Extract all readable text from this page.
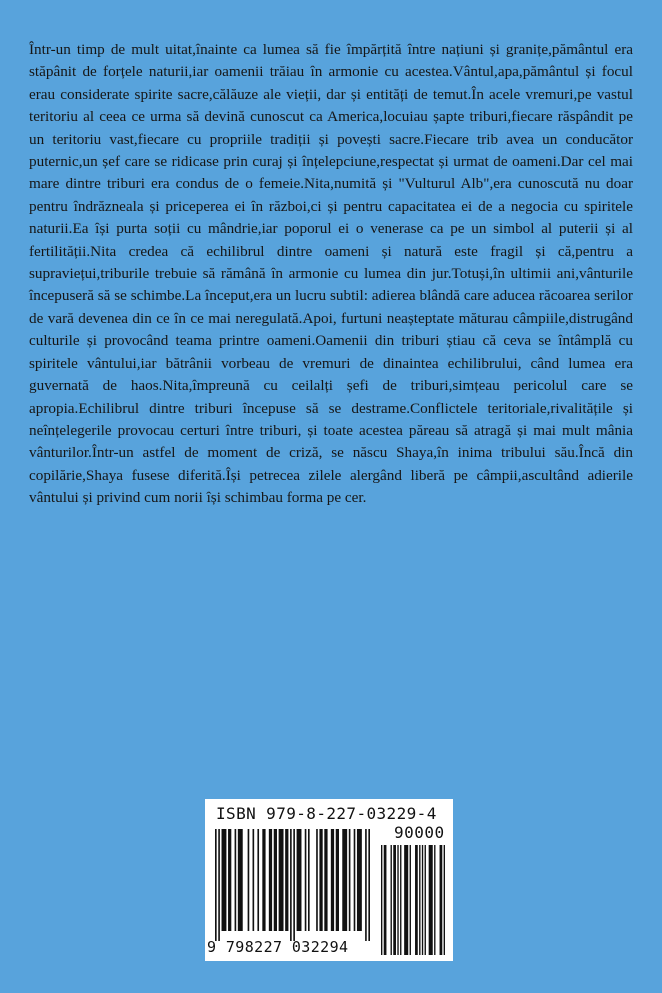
Într-un timp de mult uitat,înainte ca lumea să fie împărțită între națiuni și granițe,pământul era stăpânit de forțele naturii,iar oamenii trăiau în armonie cu acestea.Vântul,apa,pământul și focul erau considerate spirite sacre,călăuze ale vieții, dar și entități de temut.În acele vremuri,pe vastul teritoriu al ceea ce urma să devină cunoscut ca America,locuiau șapte triburi,fiecare răspândit pe un teritoriu vast,fiecare cu propriile tradiții și povești sacre.Fiecare trib avea un conducător puternic,un șef care se ridicase prin curaj și înțelepciune,respectat și urmat de oameni.Dar cel mai mare dintre triburi era condus de o femeie.Nita,numită și "Vulturul Alb",era cunoscută nu doar pentru îndrăzneala și priceperea ei în război,ci și pentru capacitatea ei de a negocia cu spiritele naturii.Ea își purta soții cu mândrie,iar poporul ei o venerase ca pe un simbol al puterii și al fertilității.Nita credea că echilibrul dintre oameni și natură este fragil și că,pentru a supraviețui,triburile trebuie să rămână în armonie cu lumea din jur.Totuși,în ultimii ani,vânturile începuseră să se schimbe.La început,era un lucru subtil: adierea blândă care aducea răcoarea serilor de vară devenea din ce în ce mai neregulată.Apoi, furtuni neașteptate măturau câmpiile,distrugând culturile și provocând teama printre oameni.Oamenii din triburi știau că ceva se întâmplă cu spiritele vântului,iar bătrânii vorbeau de vremuri de dinaintea echilibrului, când lumea era guvernată de haos.Nita,împreună cu ceilalți șefi de triburi,simțeau pericolul care se apropia.Echilibrul dintre triburi începuse să se destrame.Conflictele teritoriale,rivalitățile și neînțelegerile provocau certuri între triburi, și toate acestea păreau să atragă și mai mult mânia vânturilor.Într-un astfel de moment de criză, se născu Shaya,în inima tribului său.Încă din copilărie,Shaya fusese diferită.Își petrecea zilele alergând liberă pe câmpii,ascultând adierile vântului și privind cum norii își schimbau forma pe cer.

ISBN 979-8-227-03229-4
90000
9 798227 032294
